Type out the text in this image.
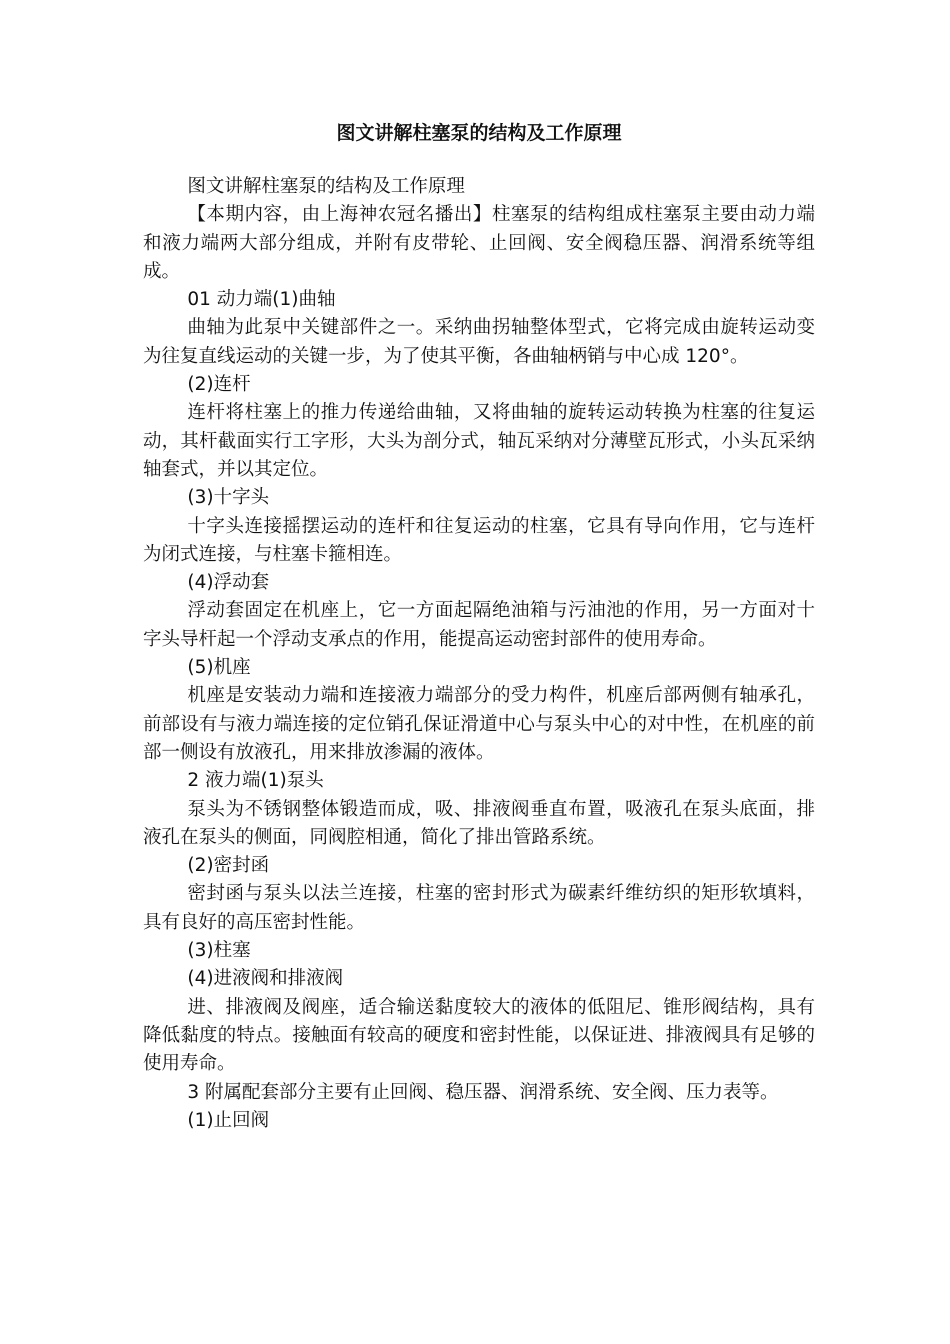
图文讲解柱塞泵的结构及工作原理

图文讲解柱塞泵的结构及工作原理

【本期内容，由上海神农冠名播出】柱塞泵的结构组成柱塞泵主要由动力端和液力端两大部分组成，并附有皮带轮、止回阀、安全阀稳压器、润滑系统等组成。

01 动力端(1)曲轴

曲轴为此泵中关键部件之一。采纳曲拐轴整体型式，它将完成由旋转运动变为往复直线运动的关键一步，为了使其平衡，各曲轴柄销与中心成 120°。

(2)连杆

连杆将柱塞上的推力传递给曲轴，又将曲轴的旋转运动转换为柱塞的往复运动，其杆截面实行工字形，大头为剖分式，轴瓦采纳对分薄壁瓦形式，小头瓦采纳轴套式，并以其定位。

(3)十字头

十字头连接摇摆运动的连杆和往复运动的柱塞，它具有导向作用，它与连杆为闭式连接，与柱塞卡箍相连。

(4)浮动套

浮动套固定在机座上，它一方面起隔绝油箱与污油池的作用，另一方面对十字头导杆起一个浮动支承点的作用，能提高运动密封部件的使用寿命。

(5)机座

机座是安装动力端和连接液力端部分的受力构件，机座后部两侧有轴承孔，前部设有与液力端连接的定位销孔保证滑道中心与泵头中心的对中性，在机座的前部一侧设有放液孔，用来排放渗漏的液体。

2 液力端(1)泵头

泵头为不锈钢整体锻造而成，吸、排液阀垂直布置，吸液孔在泵头底面，排液孔在泵头的侧面，同阀腔相通，简化了排出管路系统。

(2)密封函

密封函与泵头以法兰连接，柱塞的密封形式为碳素纤维纺织的矩形软填料，具有良好的高压密封性能。

(3)柱塞

(4)进液阀和排液阀

进、排液阀及阀座，适合输送黏度较大的液体的低阻尼、锥形阀结构，具有降低黏度的特点。接触面有较高的硬度和密封性能，以保证进、排液阀具有足够的使用寿命。

3 附属配套部分主要有止回阀、稳压器、润滑系统、安全阀、压力表等。

(1)止回阀
